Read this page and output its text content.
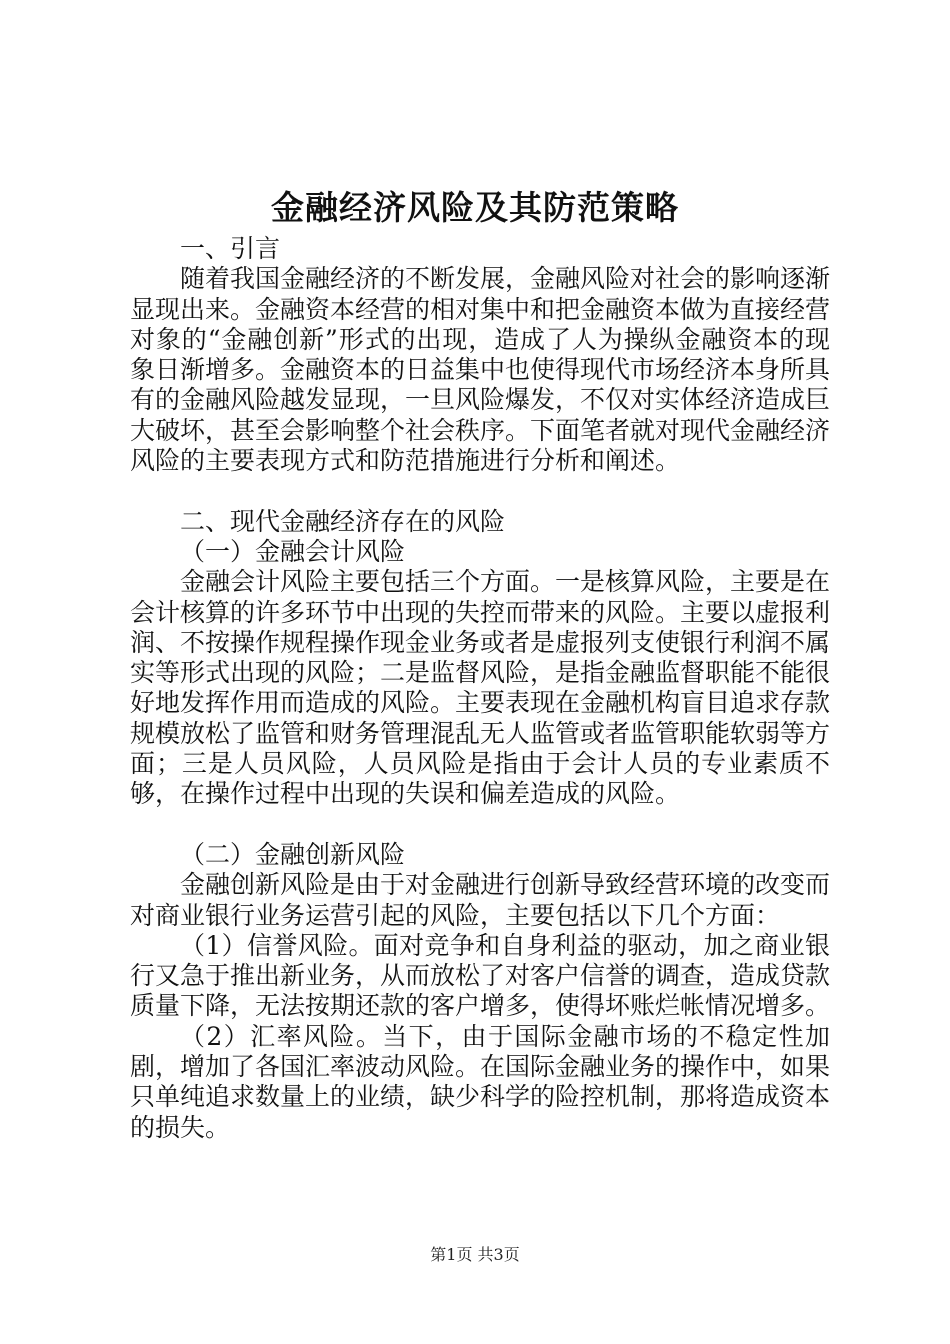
金融经济风险及其防范策略

一、引言

随着我国金融经济的不断发展，金融风险对社会的影响逐渐显现出来。金融资本经营的相对集中和把金融资本做为直接经营对象的“金融创新”形式的出现，造成了人为操纵金融资本的现象日渐增多。金融资本的日益集中也使得现代市场经济本身所具有的金融风险越发显现，一旦风险爆发，不仅对实体经济造成巨大破坏，甚至会影响整个社会秩序。下面笔者就对现代金融经济风险的主要表现方式和防范措施进行分析和阐述。

二、现代金融经济存在的风险

（一）金融会计风险

金融会计风险主要包括三个方面。一是核算风险，主要是在会计核算的许多环节中出现的失控而带来的风险。主要以虚报利润、不按操作规程操作现金业务或者是虚报列支使银行利润不属实等形式出现的风险；二是监督风险，是指金融监督职能不能很好地发挥作用而造成的风险。主要表现在金融机构盲目追求存款规模放松了监管和财务管理混乱无人监管或者监管职能软弱等方面；三是人员风险，人员风险是指由于会计人员的专业素质不够，在操作过程中出现的失误和偏差造成的风险。

（二）金融创新风险

金融创新风险是由于对金融进行创新导致经营环境的改变而对商业银行业务运营引起的风险，主要包括以下几个方面：

（1）信誉风险。面对竞争和自身利益的驱动，加之商业银行又急于推出新业务，从而放松了对客户信誉的调查，造成贷款质量下降，无法按期还款的客户增多，使得坏账烂帐情况增多。

（2）汇率风险。当下，由于国际金融市场的不稳定性加剧，增加了各国汇率波动风险。在国际金融业务的操作中，如果只单纯追求数量上的业绩，缺少科学的险控机制，那将造成资本的损失。

第1页 共3页
